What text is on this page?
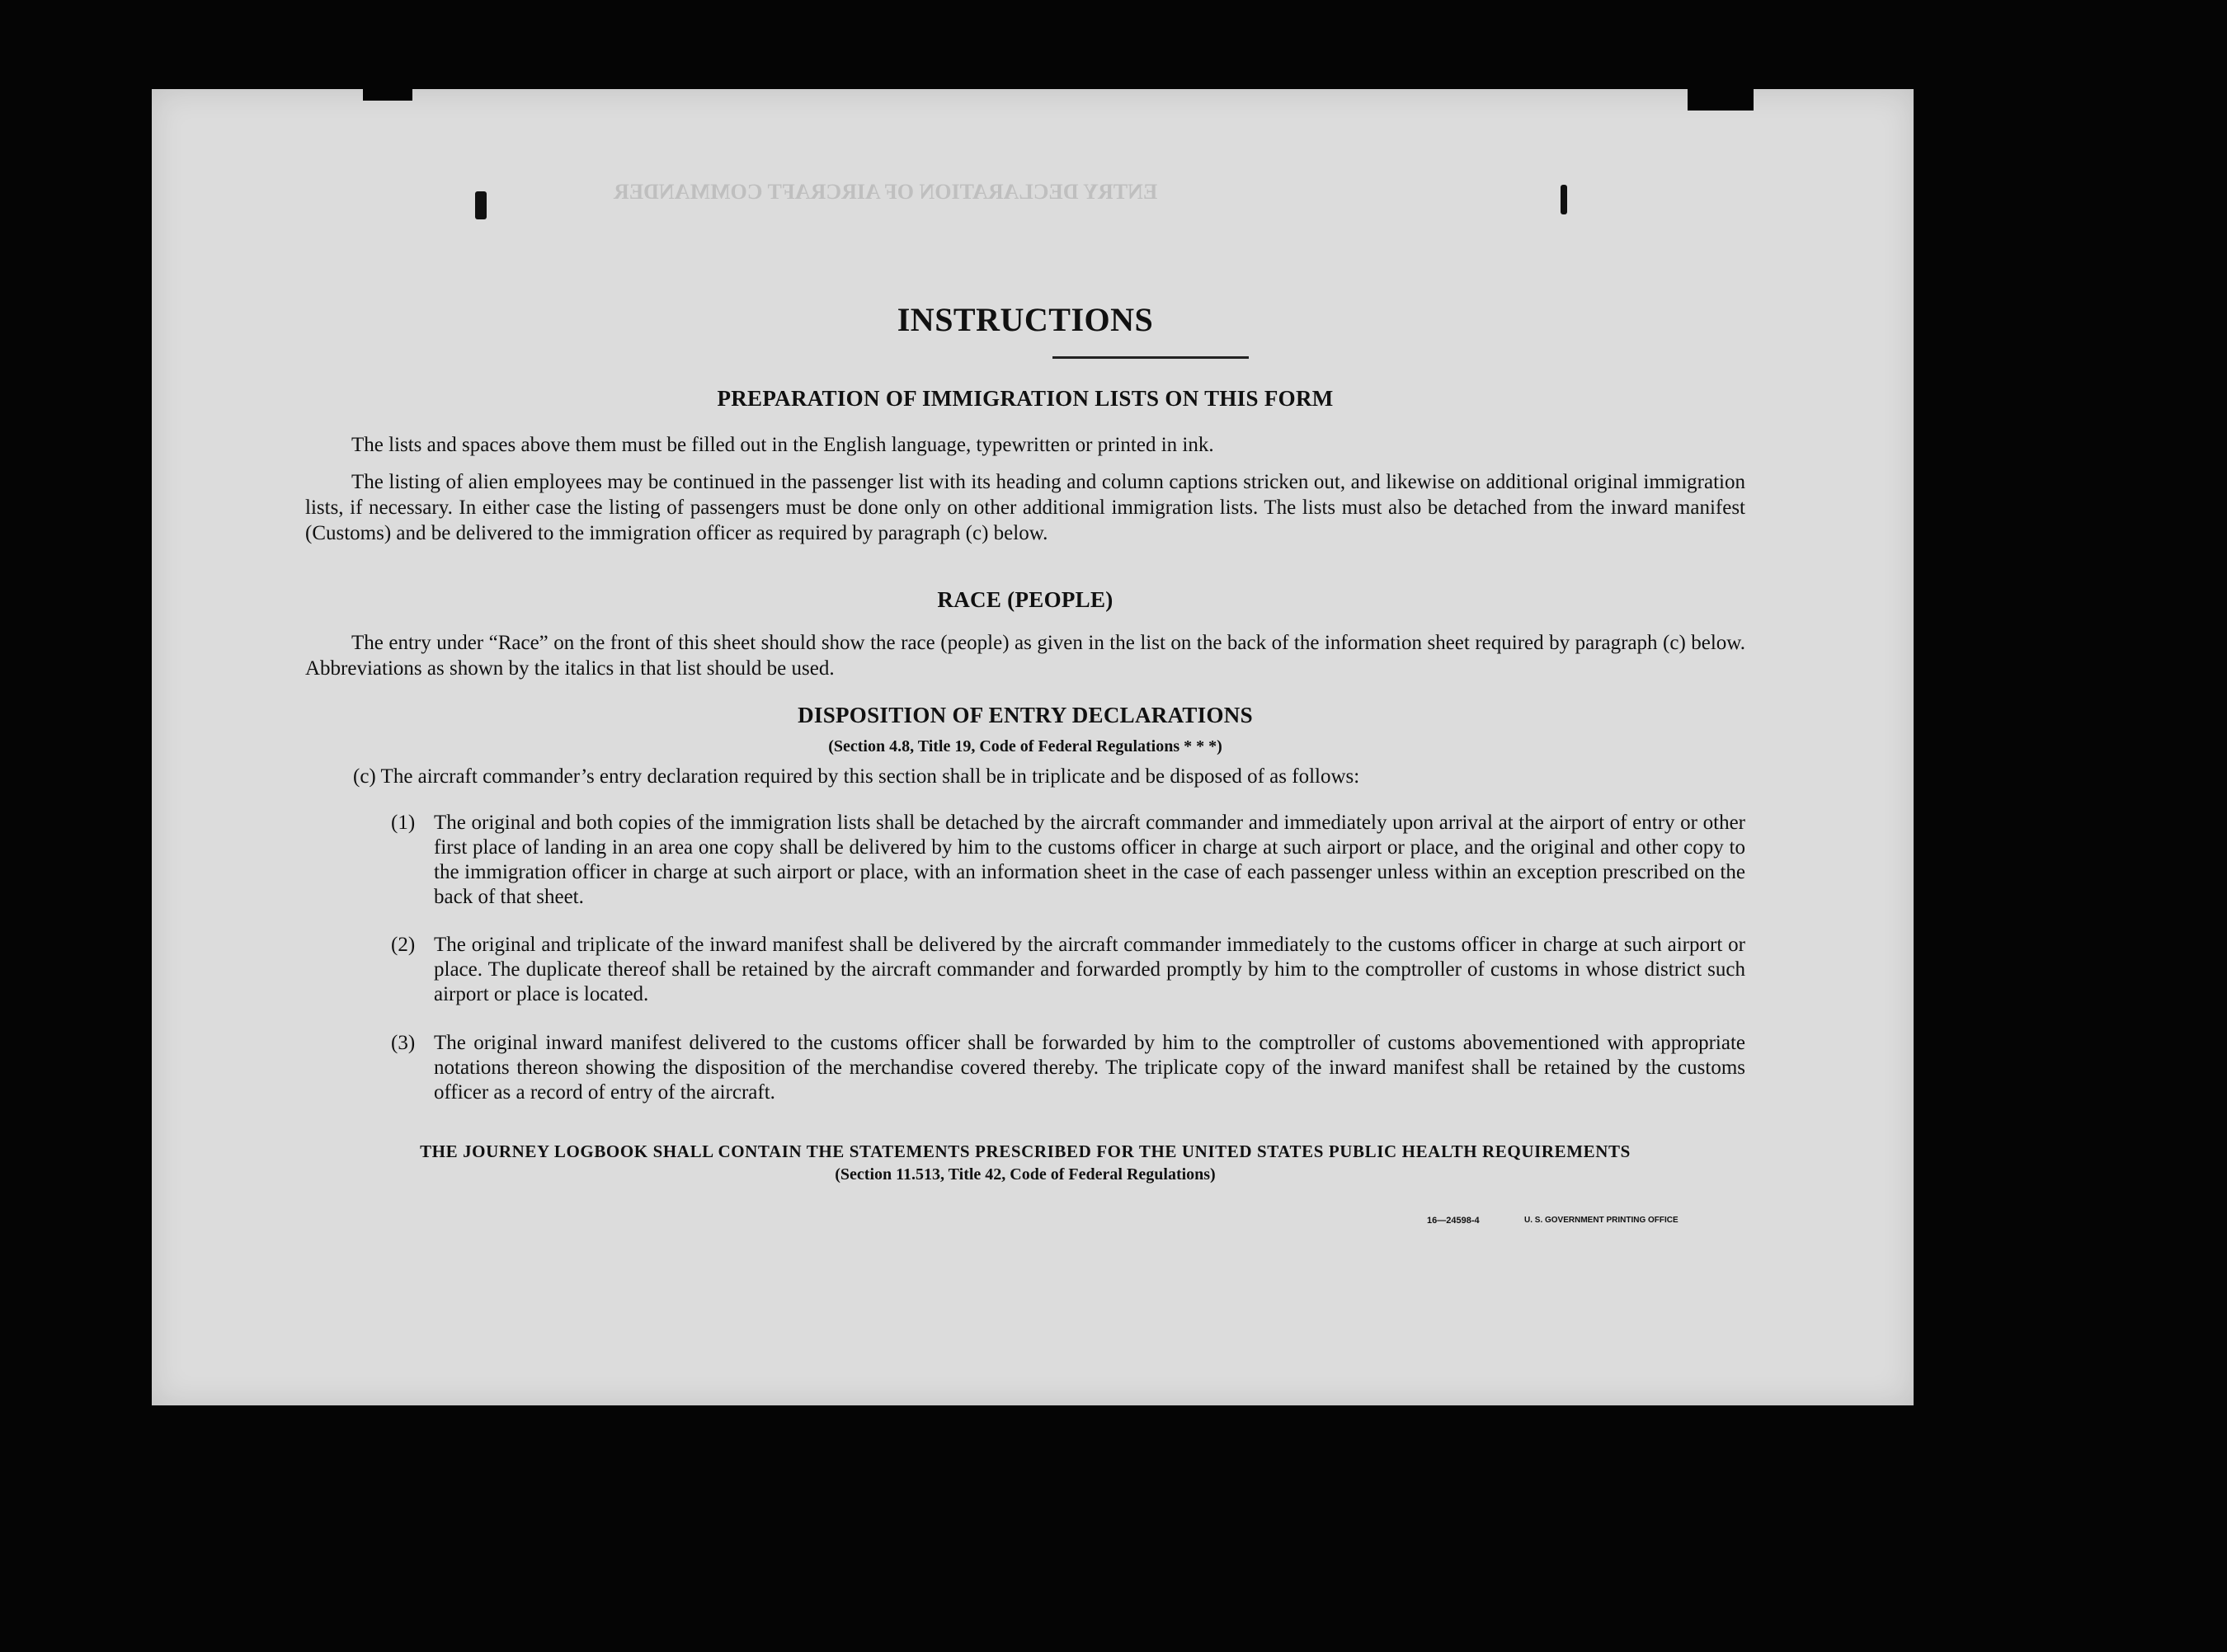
ENTRY DECLARATION OF AIRCRAFT COMMANDER
INSTRUCTIONS
PREPARATION OF IMMIGRATION LISTS ON THIS FORM
The lists and spaces above them must be filled out in the English language, typewritten or printed in ink.
The listing of alien employees may be continued in the passenger list with its heading and column captions stricken out, and likewise on additional original immigration lists, if necessary. In either case the listing of passengers must be done only on other additional immigration lists. The lists must also be detached from the inward manifest (Customs) and be delivered to the immigration officer as required by paragraph (c) below.
RACE (PEOPLE)
The entry under “Race” on the front of this sheet should show the race (people) as given in the list on the back of the information sheet required by paragraph (c) below. Abbreviations as shown by the italics in that list should be used.
DISPOSITION OF ENTRY DECLARATIONS
(Section 4.8, Title 19, Code of Federal Regulations * * *)
(c) The aircraft commander’s entry declaration required by this section shall be in triplicate and be disposed of as follows:
(1) The original and both copies of the immigration lists shall be detached by the aircraft commander and immediately upon arrival at the airport of entry or other first place of landing in an area one copy shall be delivered by him to the customs officer in charge at such airport or place, and the original and other copy to the immigration officer in charge at such airport or place, with an information sheet in the case of each passenger unless within an exception prescribed on the back of that sheet.
(2) The original and triplicate of the inward manifest shall be delivered by the aircraft commander immediately to the customs officer in charge at such airport or place. The duplicate thereof shall be retained by the aircraft commander and forwarded promptly by him to the comptroller of customs in whose district such airport or place is located.
(3) The original inward manifest delivered to the customs officer shall be forwarded by him to the comptroller of customs abovementioned with appropriate notations thereon showing the disposition of the merchandise covered thereby. The triplicate copy of the inward manifest shall be retained by the customs officer as a record of entry of the aircraft.
THE JOURNEY LOGBOOK SHALL CONTAIN THE STATEMENTS PRESCRIBED FOR THE UNITED STATES PUBLIC HEALTH REQUIREMENTS
(Section 11.513, Title 42, Code of Federal Regulations)
16—24598-4	U. S. GOVERNMENT PRINTING OFFICE
